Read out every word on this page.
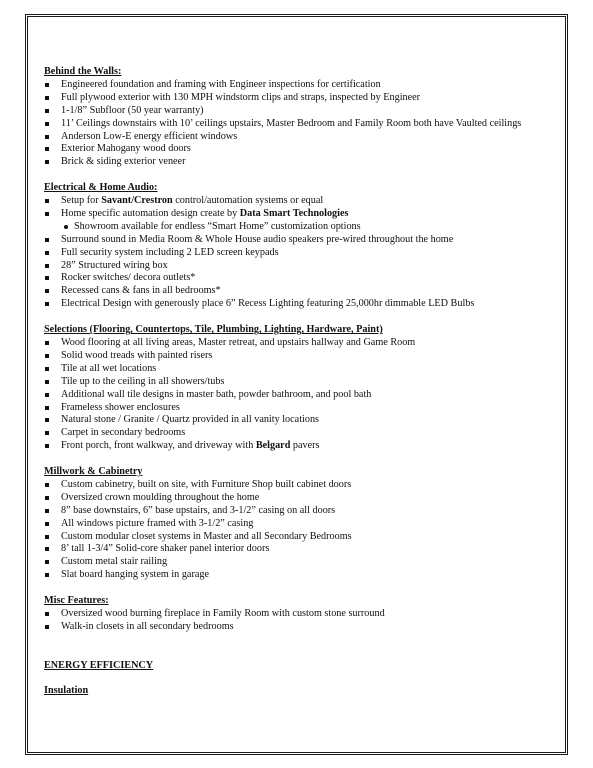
Behind the Walls:
Engineered foundation and framing with Engineer inspections for certification
Full plywood exterior with 130 MPH windstorm clips and straps, inspected by Engineer
1-1/8” Subfloor (50 year warranty)
11’ Ceilings downstairs with 10’ ceilings upstairs, Master Bedroom and Family Room both have Vaulted ceilings
Anderson Low-E energy efficient windows
Exterior Mahogany wood doors
Brick & siding exterior veneer
Electrical & Home Audio:
Setup for Savant/Crestron control/automation systems or equal
Home specific automation design create by Data Smart Technologies
Showroom available for endless “Smart Home” customization options
Surround sound in Media Room & Whole House audio speakers pre-wired throughout the home
Full security system including 2 LED screen keypads
28” Structured wiring box
Rocker switches/ decora outlets*
Recessed cans & fans in all bedrooms*
Electrical Design with generously place 6” Recess Lighting featuring 25,000hr dimmable LED Bulbs
Selections (Flooring, Countertops, Tile, Plumbing, Lighting, Hardware, Paint)
Wood flooring at all living areas, Master retreat, and upstairs hallway and Game Room
Solid wood treads with painted risers
Tile at all wet locations
Tile up to the ceiling in all showers/tubs
Additional wall tile designs in master bath, powder bathroom, and pool bath
Frameless shower enclosures
Natural stone / Granite / Quartz provided in all vanity locations
Carpet in secondary bedrooms
Front porch, front walkway, and driveway with Belgard pavers
Millwork & Cabinetry
Custom cabinetry, built on site, with Furniture Shop built cabinet doors
Oversized crown moulding throughout the home
8” base downstairs, 6” base upstairs, and 3-1/2” casing on all doors
All windows picture framed with 3-1/2” casing
Custom modular closet systems in Master and all Secondary Bedrooms
8’ tall 1-3/4” Solid-core shaker panel interior doors
Custom metal stair railing
Slat board hanging system in garage
Misc Features:
Oversized wood burning fireplace in Family Room with custom stone surround
Walk-in closets in all secondary bedrooms
ENERGY EFFICIENCY
Insulation
